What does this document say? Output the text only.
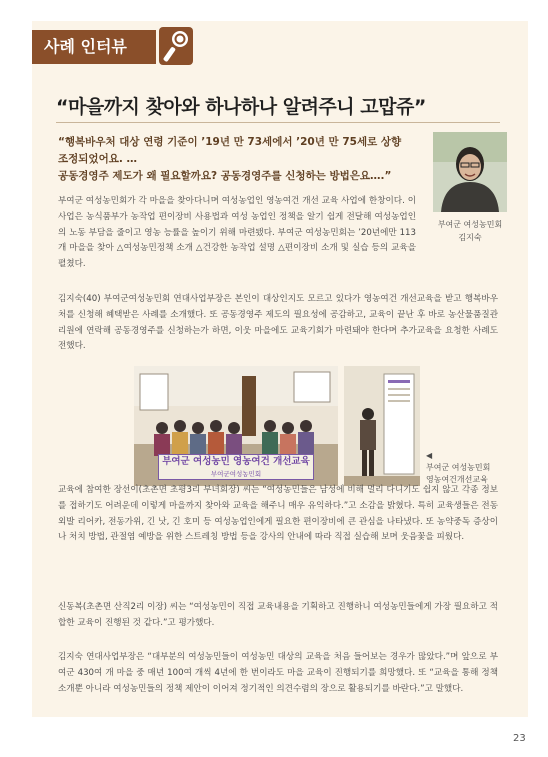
사례 인터뷰
“마을까지 찾아와 하나하나 알려주니 고맙쥬”
“행복바우처 대상 연령 기준이 ’19년 만 73세에서 ’20년 만 75세로 상향
조정되었어요. …
공동경영주 제도가 왜 필요할까요? 공동경영주를 신청하는 방법은요….”
부여군 여성농민회
김지숙
부여군 여성농민회가 각 마을을 찾아다니며 여성농업인 영농여건 개선 교육 사업에 한창이다. 이 사업은 농식품부가 농작업 편이장비 사용법과 여성 농업인 정책을 알기 쉽게 전달해 여성농업인의 노동 부담을 줄이고 영농 능률을 높이기 위해 마련됐다. 부여군 여성농민회는 ’20년에만 113개 마을을 찾아 △여성농민정책 소개 △건강한 농작업 설명 △편이장비 소개 및 실습 등의 교육을 펼쳤다.
김지숙(40) 부여군여성농민회 연대사업부장은 본인이 대상인지도 모르고 있다가 영농여건 개선교육을 받고 행복바우처를 신청해 혜택받은 사례를 소개했다. 또 공동경영주 제도의 필요성에 공감하고, 교육이 끝난 후 바로 농산물품질관리원에 연락해 공동경영주를 신청하는가 하면, 이웃 마을에도 교육기회가 마련돼야 한다며 추가교육을 요청한 사례도 전했다.
부여군 여성농민 영농여건 개선교육
부여군여성농민회
◀
부여군 여성농민회
영농여건개선교육
교육에 참여한 장선이(초촌면 초평3리 부녀회장) 씨는 “여성농민들은 남성에 비해 멀리 다니기도 쉽지 않고 각종 정보를 접하기도 어려운데 이렇게 마을까지 찾아와 교육을 해주니 매우 유익하다.”고 소감을 밝혔다. 특히 교육생들은 전동 외발 리어카, 전동가위, 긴 낫, 긴 호미 등 여성농업인에게 필요한 편이장비에 큰 관심을 나타냈다. 또 농약중독 증상이나 처치 방법, 관절염 예방을 위한 스트레칭 방법 등을 강사의 안내에 따라 직접 실습해 보며 웃음꽃을 피웠다.
신동복(초촌면 산직2리 이장) 씨는 “여성농민이 직접 교육내용을 기획하고 진행하니 여성농민들에게 가장 필요하고 적합한 교육이 진행된 것 같다.”고 평가했다.
김지숙 연대사업부장은 “대부분의 여성농민들이 여성농민 대상의 교육을 처음 들어보는 경우가 많았다.”며 앞으로 부여군 430여 개 마을 중 매년 100여 개씩 4년에 한 번이라도 마을 교육이 진행되기를 희망했다. 또 “교육을 통해 정책 소개뿐 아니라 여성농민들의 정책 제안이 이어져 정기적인 의견수렴의 장으로 활용되기를 바란다.”고 말했다.
23
